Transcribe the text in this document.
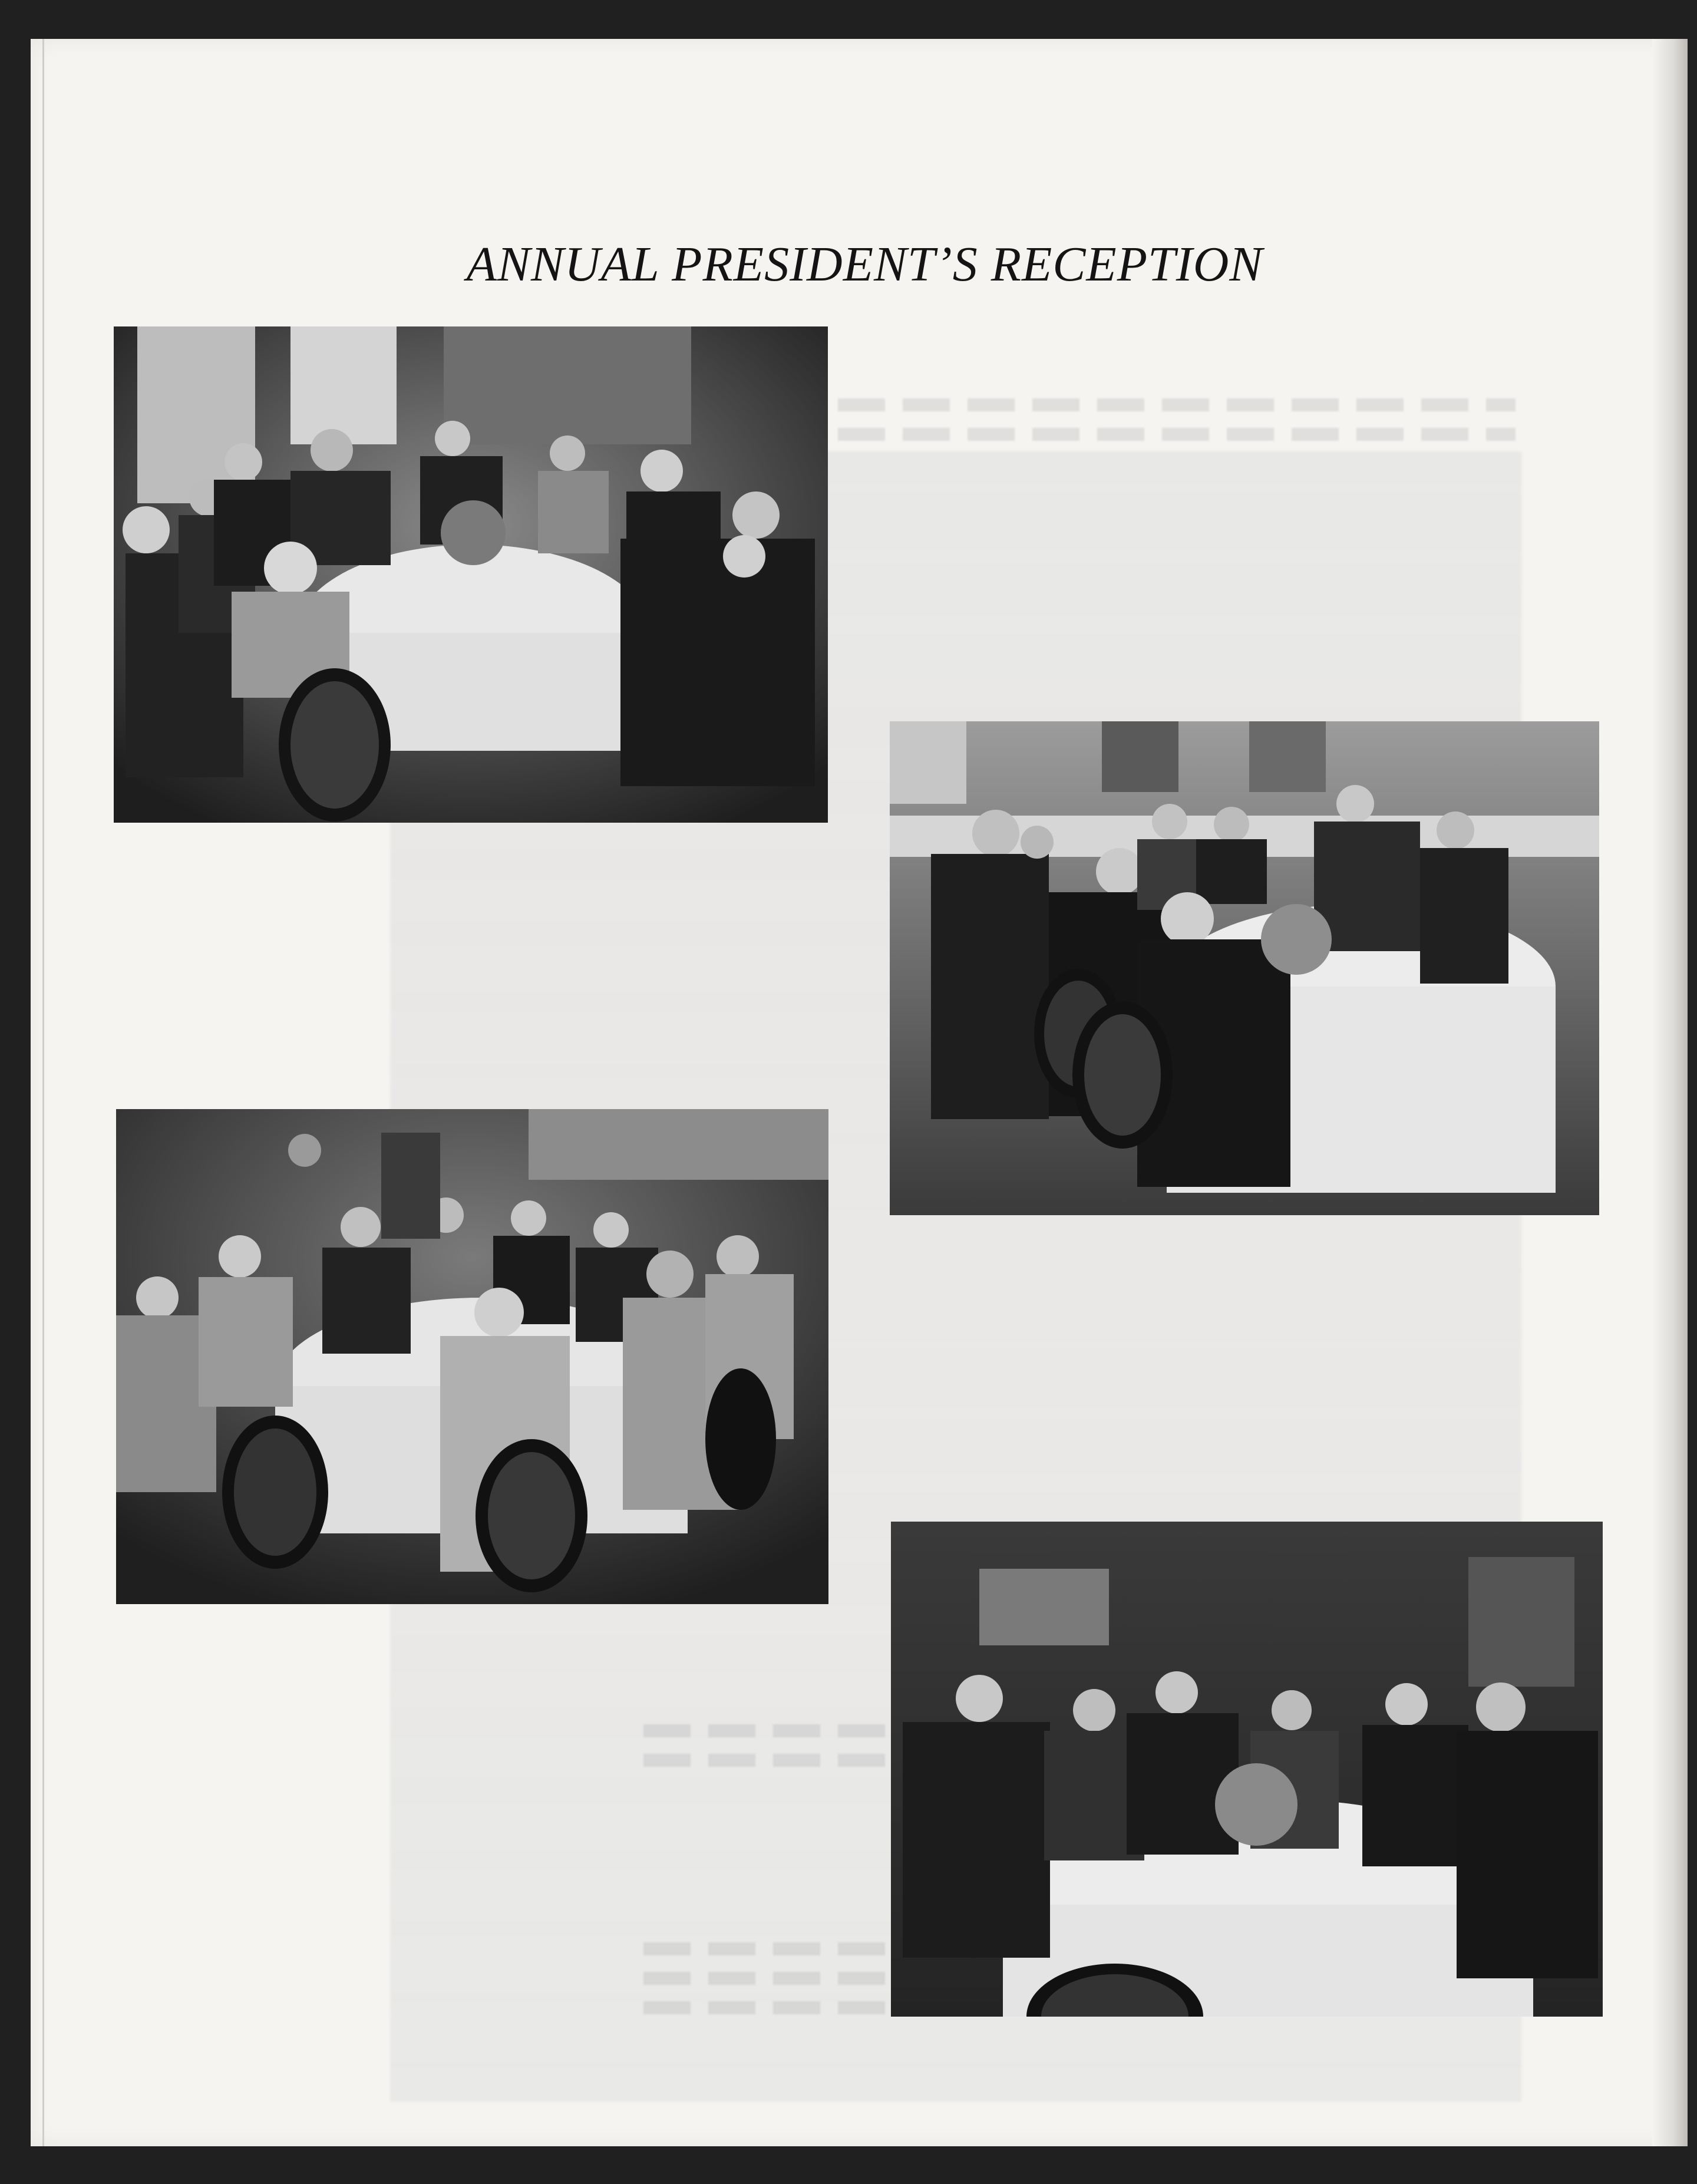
ANNUAL PRESIDENT’S RECEPTION
